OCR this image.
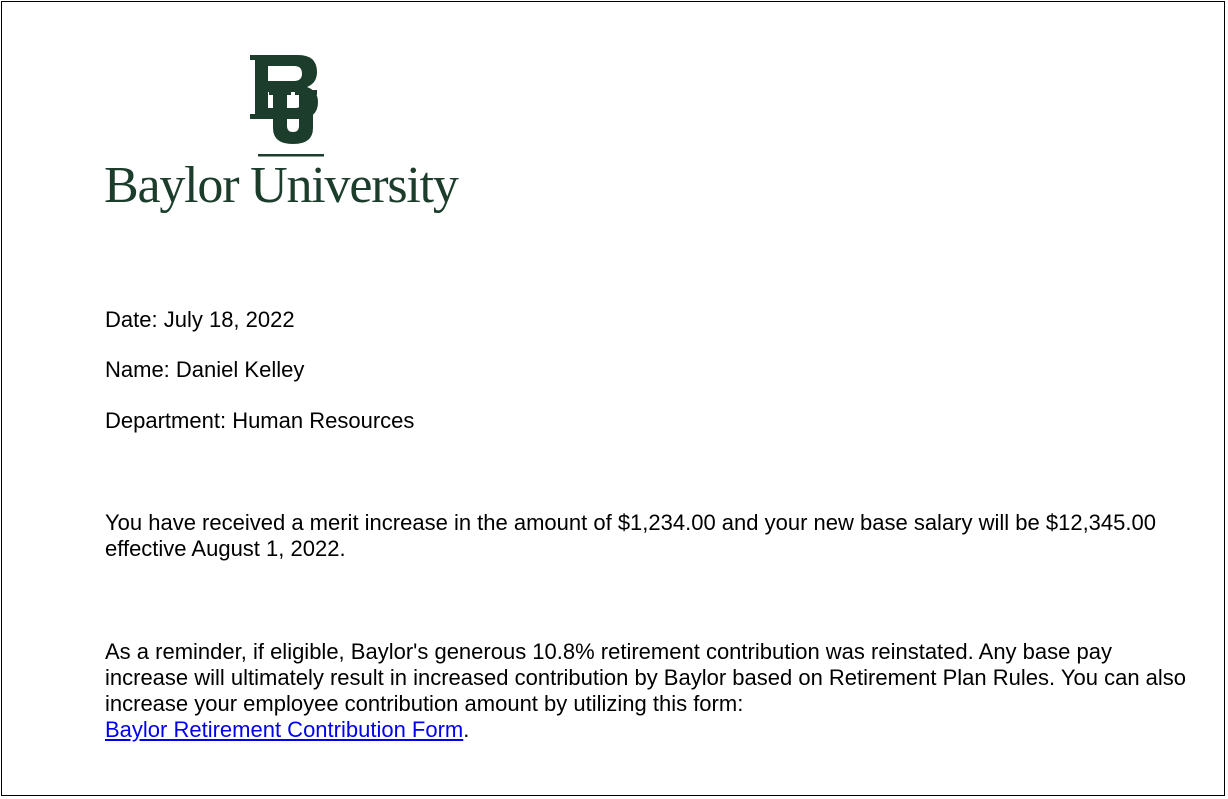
Baylor University
Date: July 18, 2022
Name: Daniel Kelley
Department: Human Resources

You have received a merit increase in the amount of $1,234.00 and your new base salary will be $12,345.00 effective August 1, 2022.

As a reminder, if eligible, Baylor's generous 10.8% retirement contribution was reinstated. Any base pay increase will ultimately result in increased contribution by Baylor based on Retirement Plan Rules. You can also increase your employee contribution amount by utilizing this form:
Baylor Retirement Contribution Form.
